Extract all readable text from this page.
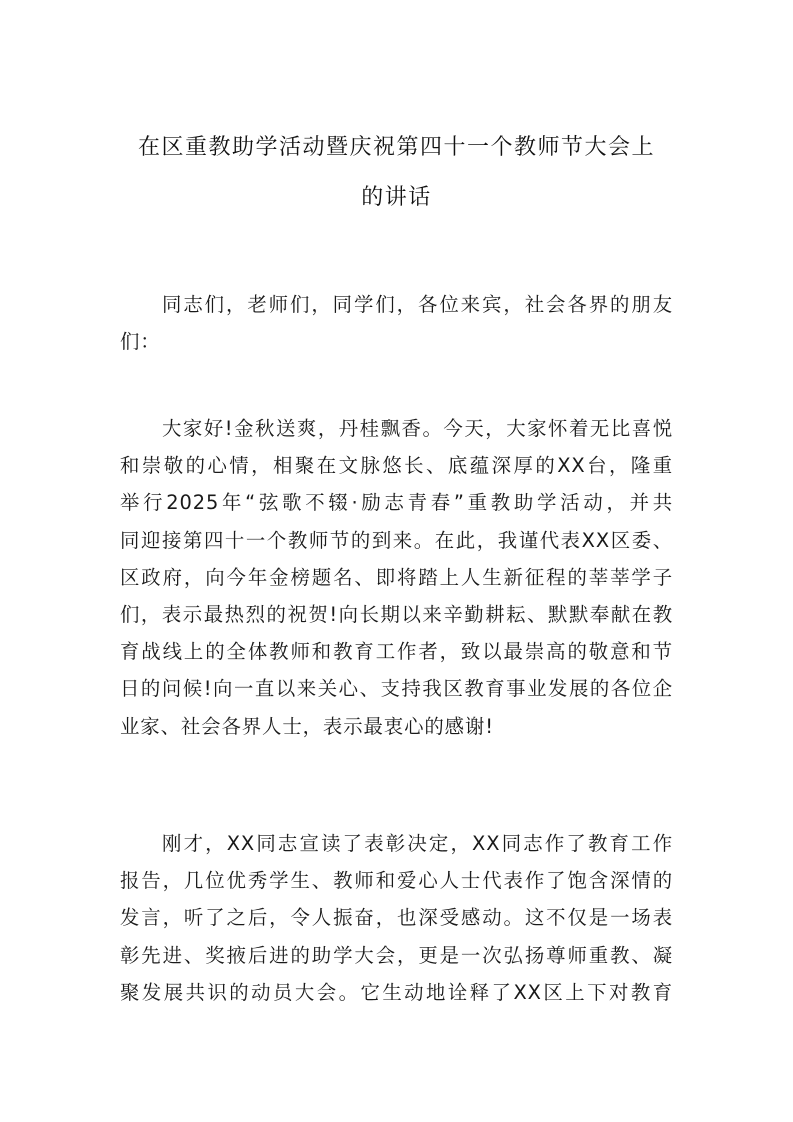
在区重教助学活动暨庆祝第四十一个教师节大会上
的讲话
同志们，老师们，同学们，各位来宾，社会各界的朋友
们：
大家好!金秋送爽，丹桂飘香。今天，大家怀着无比喜悦
和崇敬的心情，相聚在文脉悠长、底蕴深厚的XX台，隆重
举行2025年“弦歌不辍·励志青春”重教助学活动，并共
同迎接第四十一个教师节的到来。在此，我谨代表XX区委、
区政府，向今年金榜题名、即将踏上人生新征程的莘莘学子
们，表示最热烈的祝贺!向长期以来辛勤耕耘、默默奉献在教
育战线上的全体教师和教育工作者，致以最崇高的敬意和节
日的问候!向一直以来关心、支持我区教育事业发展的各位企
业家、社会各界人士，表示最衷心的感谢!
刚才，XX同志宣读了表彰决定，XX同志作了教育工作
报告，几位优秀学生、教师和爱心人士代表作了饱含深情的
发言，听了之后，令人振奋，也深受感动。这不仅是一场表
彰先进、奖掖后进的助学大会，更是一次弘扬尊师重教、凝
聚发展共识的动员大会。它生动地诠释了XX区上下对教育
